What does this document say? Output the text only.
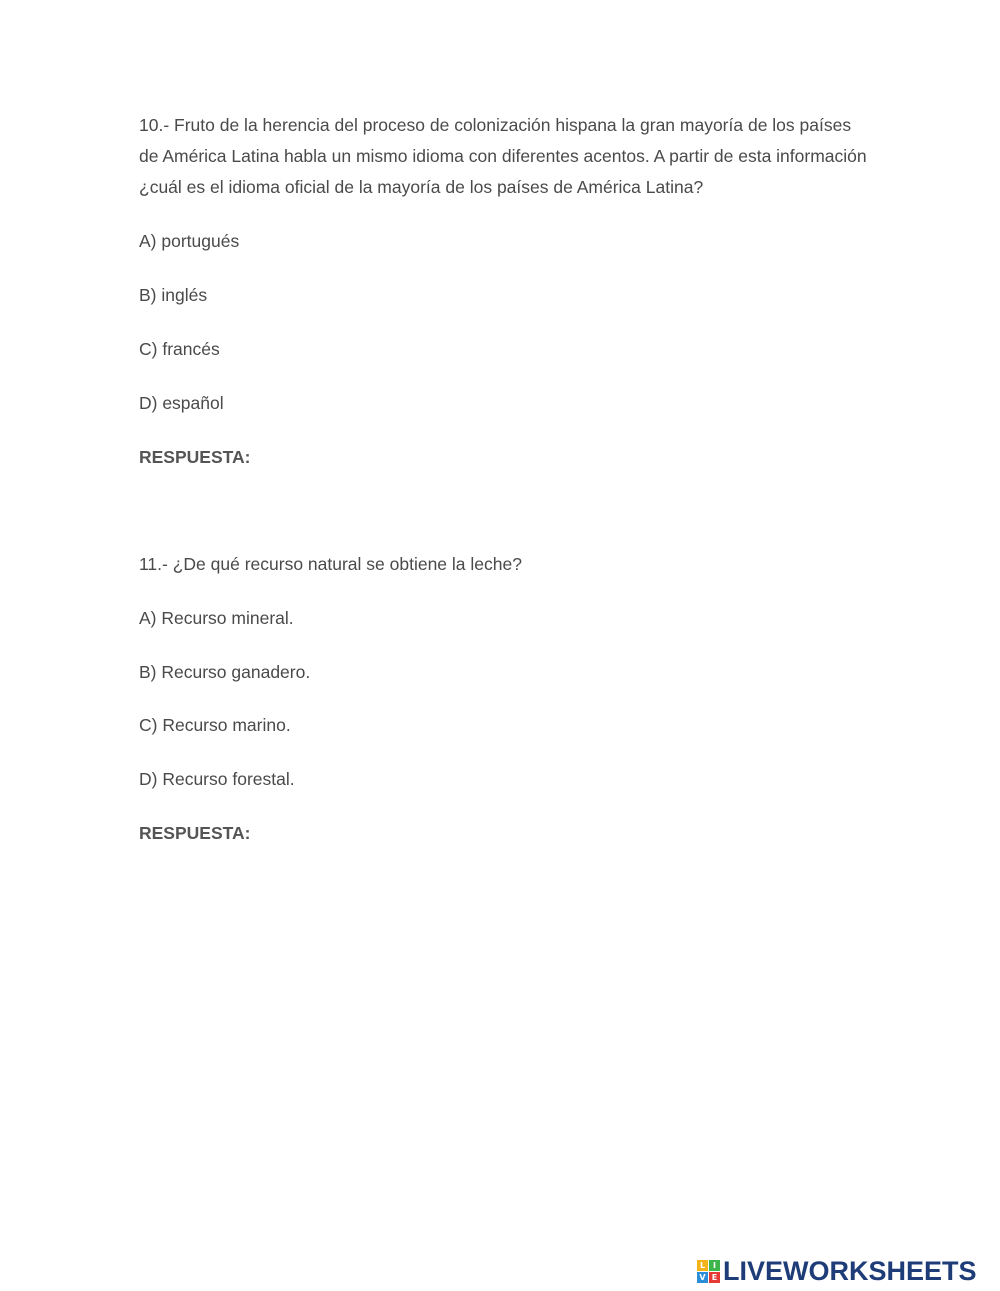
10.- Fruto de la herencia del proceso de colonización hispana la gran mayoría de los países de América Latina habla un mismo idioma con diferentes acentos. A partir de esta información ¿cuál es el idioma oficial de la mayoría de los países de América Latina?

A) portugués
B) inglés
C) francés
D) español
RESPUESTA:
11.- ¿De qué recurso natural se obtiene la leche?
A) Recurso mineral.
B) Recurso ganadero.
C) Recurso marino.
D) Recurso forestal.
RESPUESTA:
L I
V E LIVEWORKSHEETS
